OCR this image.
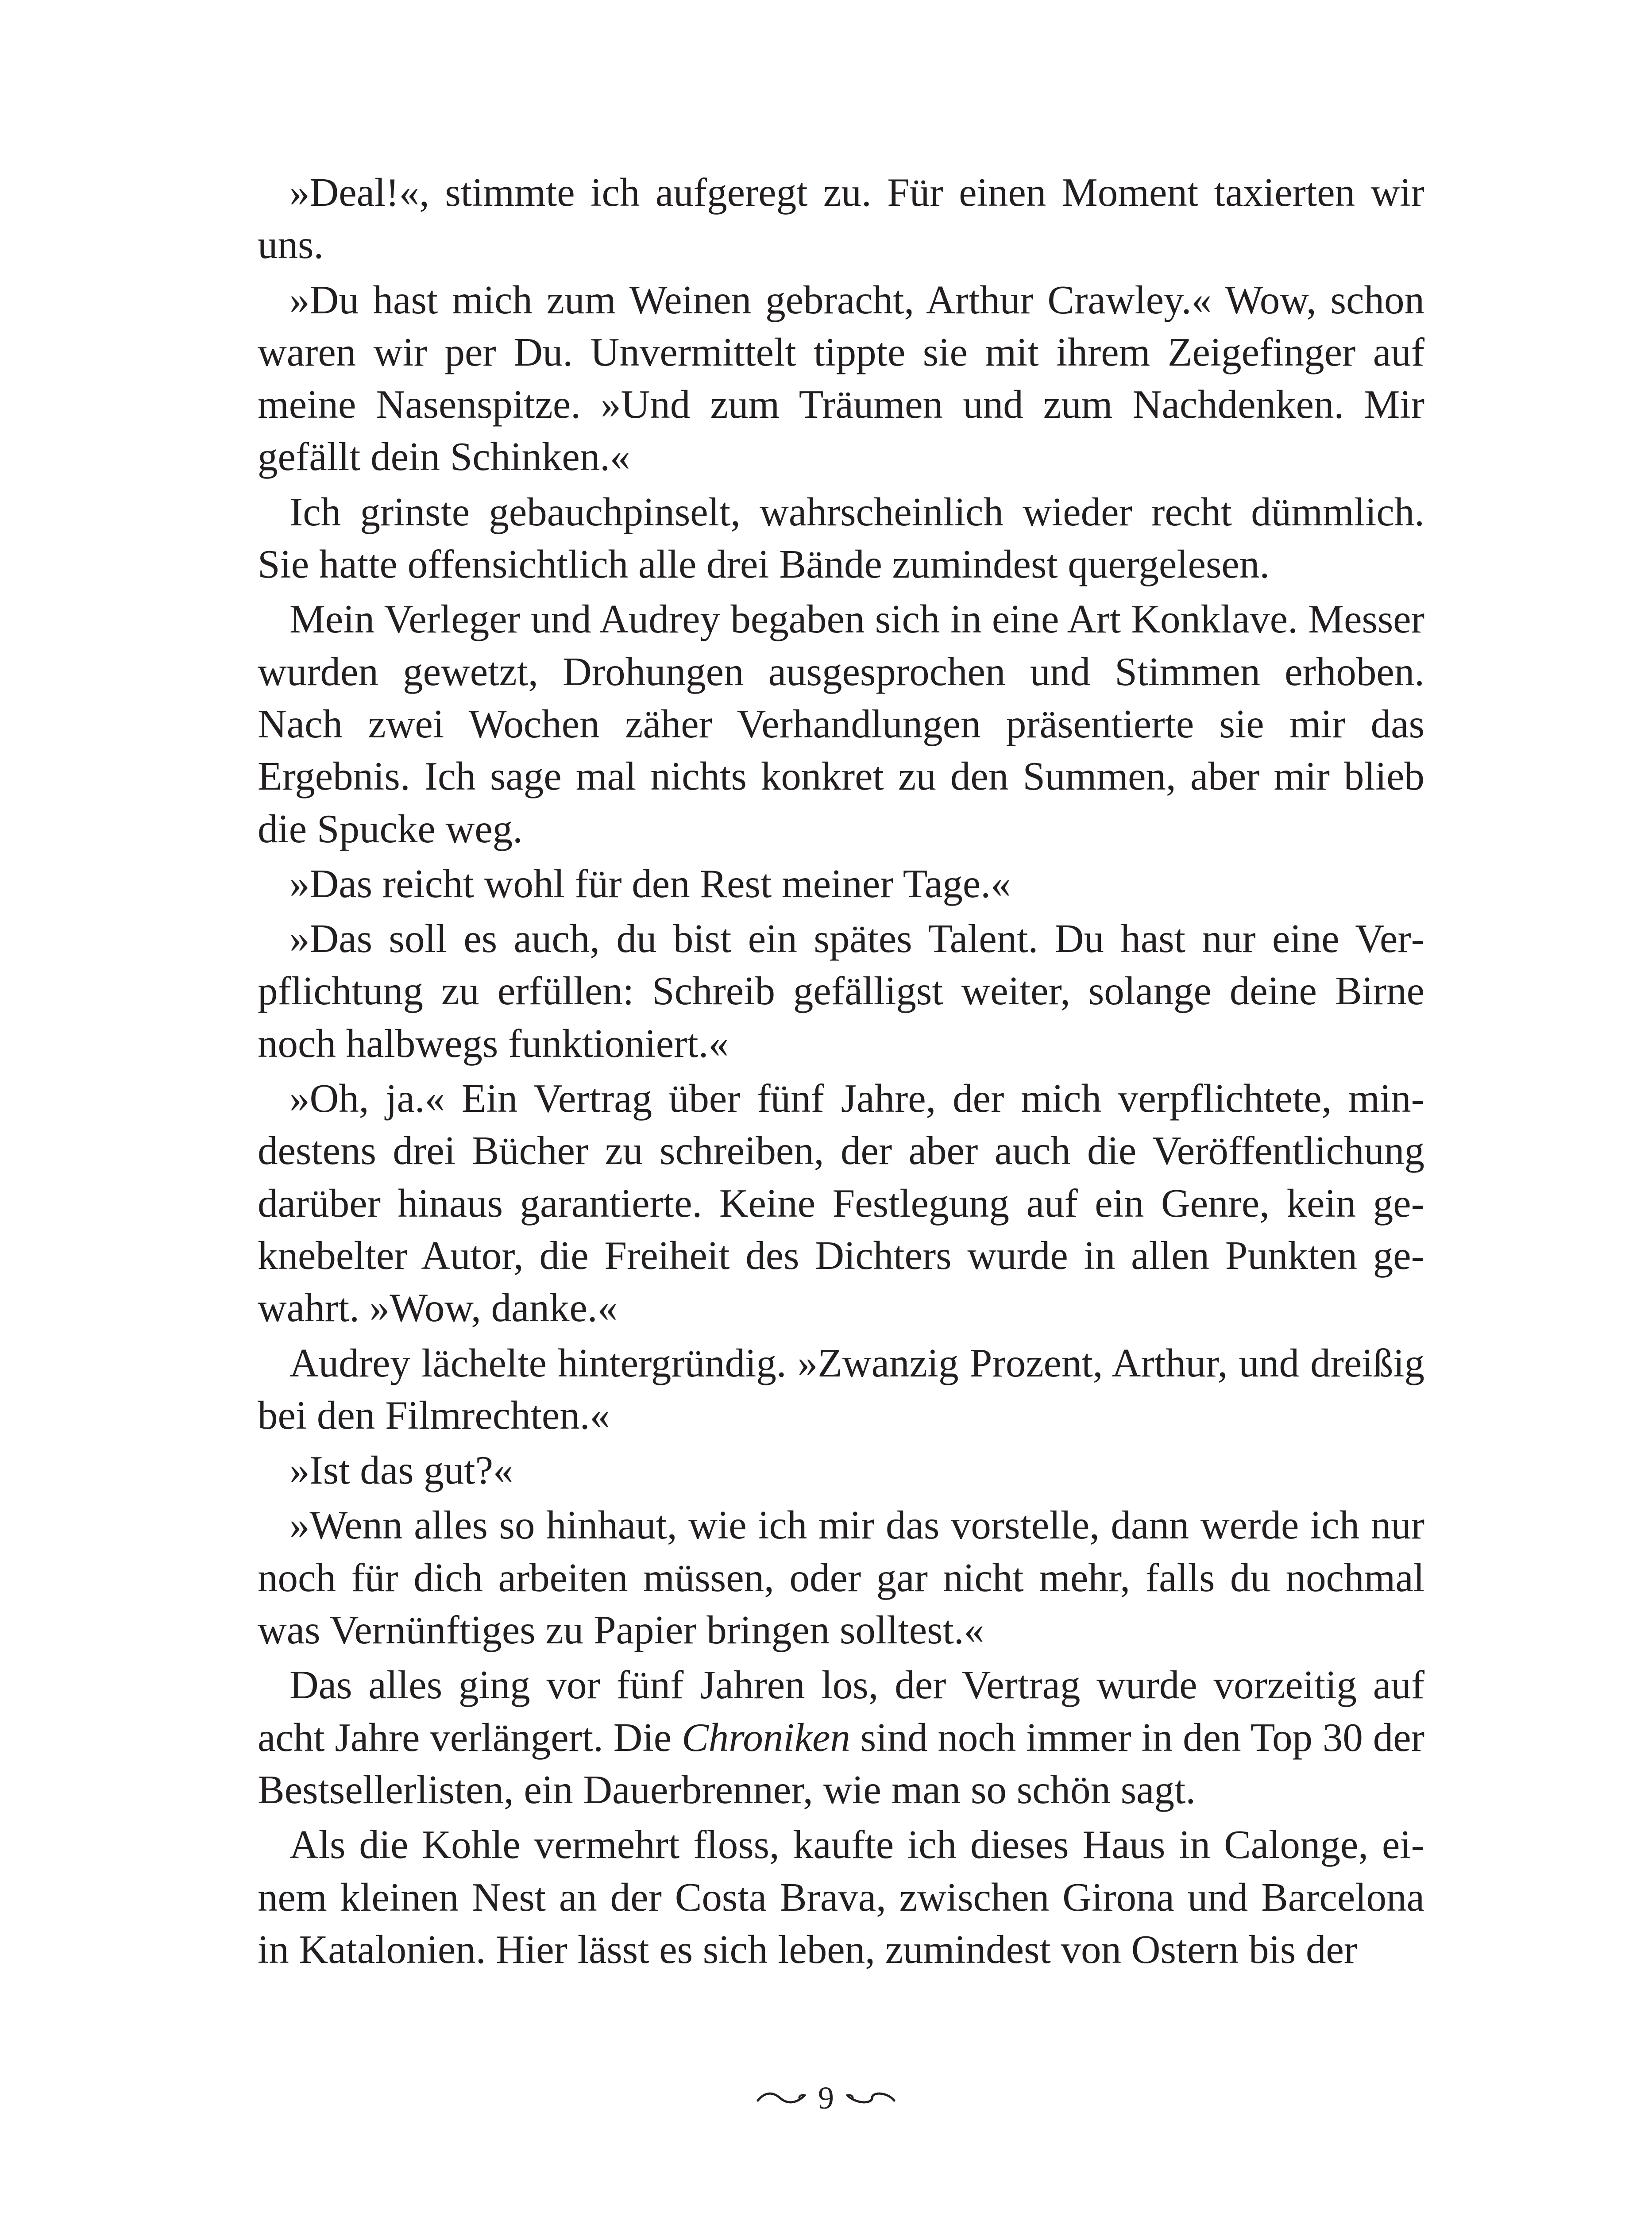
»Deal!«, stimmte ich aufgeregt zu. Für einen Moment taxierten wir uns.

»Du hast mich zum Weinen gebracht, Arthur Crawley.« Wow, schon waren wir per Du. Unvermittelt tippte sie mit ihrem Zeigefinger auf meine Nasenspitze. »Und zum Träumen und zum Nachdenken. Mir gefällt dein Schinken.«

Ich grinste gebauchpinselt, wahrscheinlich wieder recht dümmlich. Sie hatte offensichtlich alle drei Bände zumindest quergelesen.

Mein Verleger und Audrey begaben sich in eine Art Konklave. Messer wurden gewetzt, Drohungen ausgesprochen und Stimmen erhoben. Nach zwei Wochen zäher Verhandlungen präsentierte sie mir das Ergebnis. Ich sage mal nichts konkret zu den Summen, aber mir blieb die Spucke weg.

»Das reicht wohl für den Rest meiner Tage.«

»Das soll es auch, du bist ein spätes Talent. Du hast nur eine Verpflichtung zu erfüllen: Schreib gefälligst weiter, solange deine Birne noch halbwegs funktioniert.«

»Oh, ja.« Ein Vertrag über fünf Jahre, der mich verpflichtete, mindestens drei Bücher zu schreiben, der aber auch die Veröffentlichung darüber hinaus garantierte. Keine Festlegung auf ein Genre, kein geknebelter Autor, die Freiheit des Dichters wurde in allen Punkten gewahrt. »Wow, danke.«

Audrey lächelte hintergründig. »Zwanzig Prozent, Arthur, und dreißig bei den Filmrechten.«

»Ist das gut?«

»Wenn alles so hinhaut, wie ich mir das vorstelle, dann werde ich nur noch für dich arbeiten müssen, oder gar nicht mehr, falls du nochmal was Vernünftiges zu Papier bringen solltest.«

Das alles ging vor fünf Jahren los, der Vertrag wurde vorzeitig auf acht Jahre verlängert. Die Chroniken sind noch immer in den Top 30 der Bestsellerlisten, ein Dauerbrenner, wie man so schön sagt.

Als die Kohle vermehrt floss, kaufte ich dieses Haus in Calonge, einem kleinen Nest an der Costa Brava, zwischen Girona und Barcelona in Katalonien. Hier lässt es sich leben, zumindest von Ostern bis der

9
